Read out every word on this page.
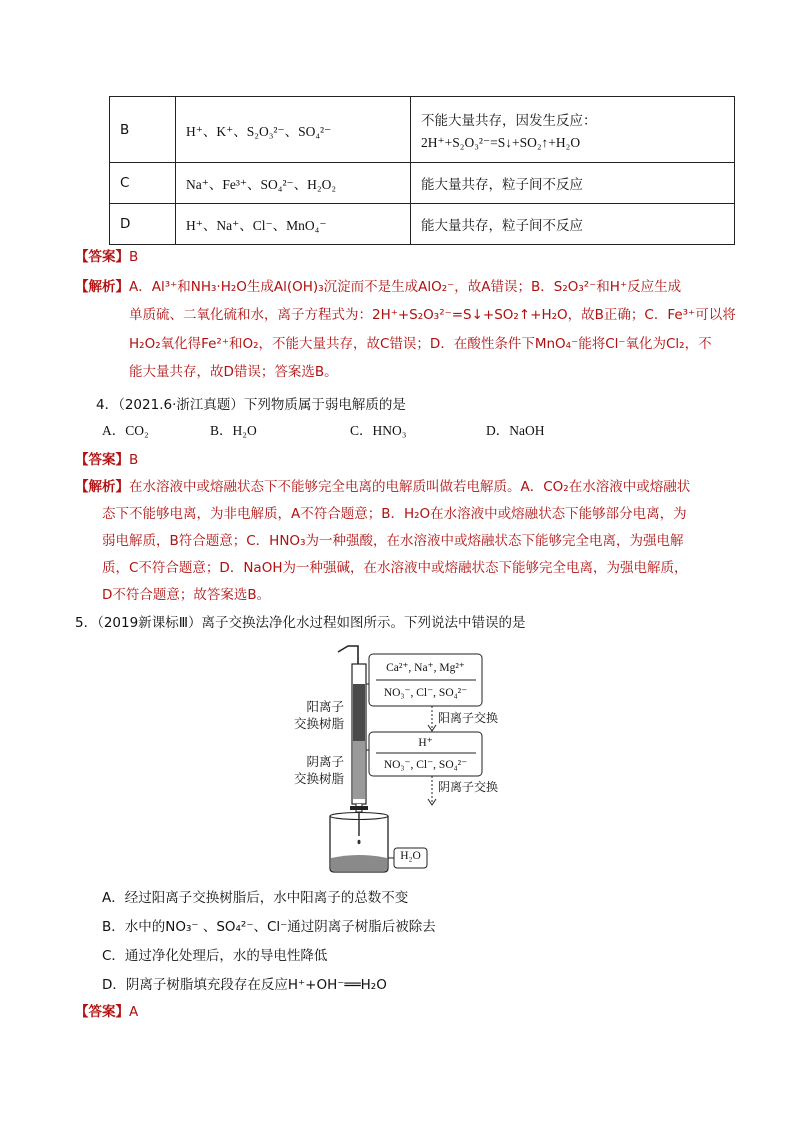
B	H⁺、K⁺、S₂O₃²⁻、SO₄²⁻	不能大量共存，因发生反应：
2H⁺+S₂O₃²⁻=S↓+SO₂↑+H₂O

C	Na⁺、Fe³⁺、SO₄²⁻、H₂O₂	能大量共存，粒子间不反应
D	H⁺、Na⁺、Cl⁻、MnO₄⁻	能大量共存，粒子间不反应
【答案】B
【解析】A．Al³⁺和NH₃·H₂O生成Al(OH)₃沉淀而不是生成AlO₂⁻，故A错误；B．S₂O₃²⁻和H⁺反应生成
单质硫、二氧化硫和水，离子方程式为：2H⁺+S₂O₃²⁻=S↓+SO₂↑+H₂O，故B正确；C．Fe³⁺可以将
H₂O₂氧化得Fe²⁺和O₂，不能大量共存，故C错误；D．在酸性条件下MnO₄⁻能将Cl⁻氧化为Cl₂，不
能大量共存，故D错误；答案选B。
4．（2021.6·浙江真题）下列物质属于弱电解质的是
A．CO₂	B．H₂O	C．HNO₃	D．NaOH
【答案】B
【解析】在水溶液中或熔融状态下不能够完全电离的电解质叫做若电解质。A．CO₂在水溶液中或熔融状
态下不能够电离，为非电解质，A不符合题意；B．H₂O在水溶液中或熔融状态下能够部分电离，为
弱电解质，B符合题意；C．HNO₃为一种强酸，在水溶液中或熔融状态下能够完全电离，为强电解
质，C不符合题意；D．NaOH为一种强碱，在水溶液中或熔融状态下能够完全电离，为强电解质，
D不符合题意；故答案选B。
5．（2019新课标Ⅲ）离子交换法净化水过程如图所示。下列说法中错误的是
Ca²⁺, Na⁺, Mg²⁺
NO₃⁻, Cl⁻, SO₄²⁻
阳离子交换
H⁺
NO₃⁻, Cl⁻, SO₄²⁻
阴离子交换
H₂O
阳离子
交换树脂
阴离子
交换树脂
A．经过阳离子交换树脂后，水中阳离子的总数不变
B．水中的NO₃⁻ 、SO₄²⁻、Cl⁻通过阴离子树脂后被除去
C．通过净化处理后，水的导电性降低
D．阴离子树脂填充段存在反应H⁺+OH⁻══H₂O
【答案】A
